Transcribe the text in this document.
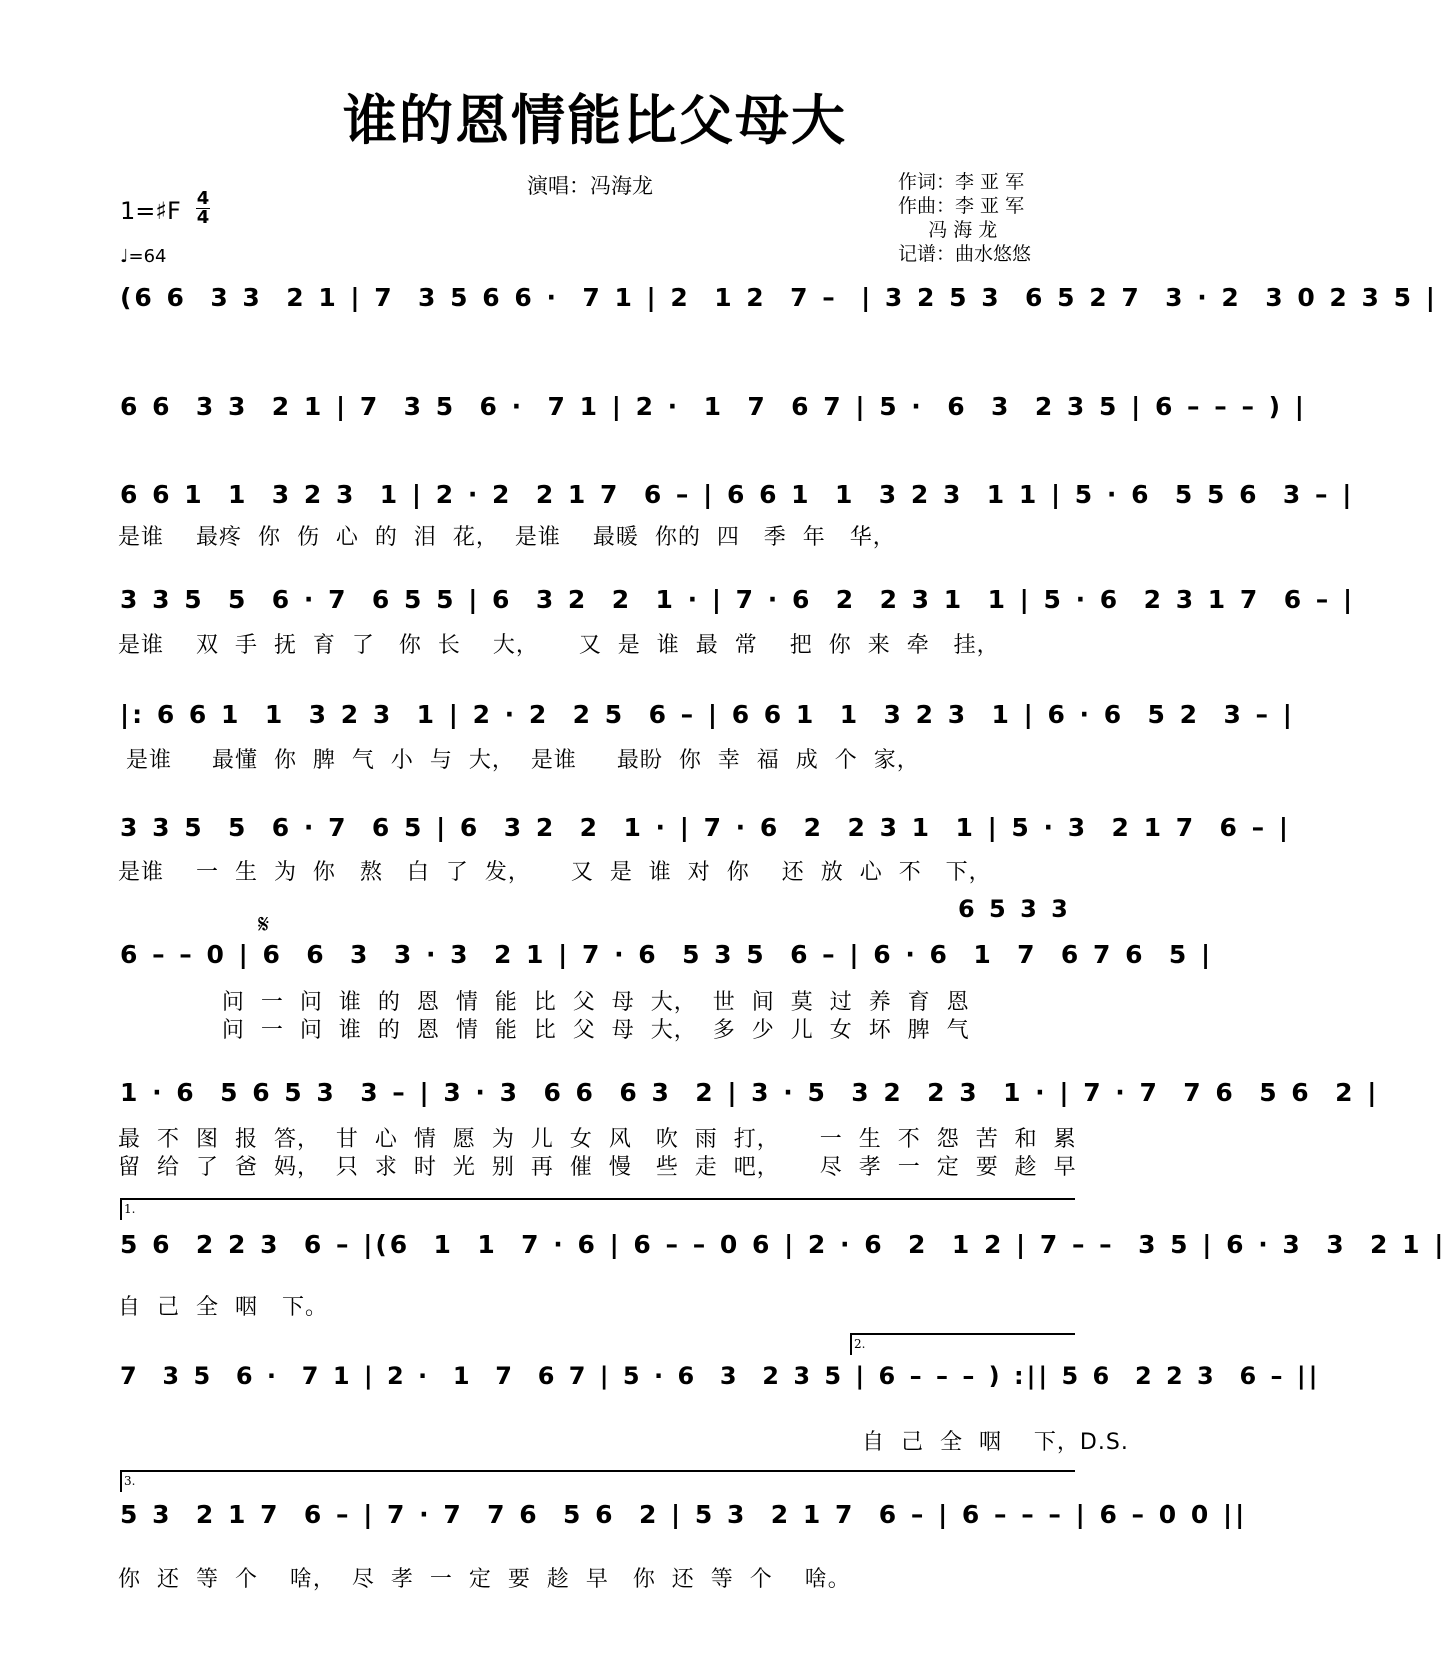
谁的恩情能比父母大
演唱：冯海龙	作词：李 亚 军
作曲：李 亚 军
冯 海 龙
记谱：曲水悠悠
1=♯F 4
4
♩=64
(6 6  3 3  2 1 | 7  3 5 6 6 ·  7 1 | 2  1 2  7 –  | 3 2 5 3  6 5 2 7  3 · 2  3 0 2 3 5 |
6 6  3 3  2 1 | 7  3 5  6 ·  7 1 | 2 ·  1  7  6 7 | 5 ·  6  3  2 3 5 | 6 – – – ) |
6 6 1  1  3 2 3  1 | 2 · 2  2 1 7  6 – | 6 6 1  1  3 2 3  1 1 | 5 · 6  5 5 6  3 – |
是谁    最疼  你  伤  心  的  泪  花，  是谁    最暖  你的  四   季  年   华，
3 3 5  5  6 · 7  6 5 5 | 6  3 2  2  1 · | 7 · 6  2  2 3 1  1 | 5 · 6  2 3 1 7  6 – |
是谁    双  手  抚  育  了   你  长    大，     又  是  谁  最  常    把  你  来  牵   挂，
|: 6 6 1  1  3 2 3  1 | 2 · 2  2 5  6 – | 6 6 1  1  3 2 3  1 | 6 · 6  5 2  3 – |
是谁     最懂  你  脾  气  小  与  大，  是谁     最盼  你  幸  福  成  个  家，
3 3 5  5  6 · 7  6 5 | 6  3 2  2  1 · | 7 · 6  2  2 3 1  1 | 5 · 3  2 1 7  6 – |
是谁    一  生  为  你   熬   白  了  发，     又  是  谁  对  你    还  放  心  不   下，
𝄋
6 5 3 3
6 – – 0 | 6  6  3  3 · 3  2 1 | 7 · 6  5 3 5  6 – | 6 · 6  1  7  6 7 6  5 |
问  一  问  谁  的  恩  情  能  比  父  母  大，  世  间  莫  过  养  育  恩
问  一  问  谁  的  恩  情  能  比  父  母  大，  多  少  儿  女  坏  脾  气
1 · 6  5 6 5 3  3 – | 3 · 3  6 6  6 3  2 | 3 · 5  3 2  2 3  1 · | 7 · 7  7 6  5 6  2 |
最  不  图  报  答，  甘  心  情  愿  为  儿  女  风   吹  雨  打，     一  生  不  怨  苦  和  累
留  给  了  爸  妈，  只  求  时  光  别  再  催  慢   些  走  吧，     尽  孝  一  定  要  趁  早
1.
5 6  2 2 3  6 – |(6  1  1  7 · 6 | 6 – – 0 6 | 2 · 6  2  1 2 | 7 – –  3 5 | 6 · 3  3  2 1 |
自  己  全  咽   下。
2.
7  3 5  6 ·  7 1 | 2 ·  1  7  6 7 | 5 · 6  3  2 3 5 | 6 – – – ) :|| 5 6  2 2 3  6 – ||
自  己  全  咽    下，D.S.
3.
5 3  2 1 7  6 – | 7 · 7  7 6  5 6  2 | 5 3  2 1 7  6 – | 6 – – – | 6 – 0 0 ||
你  还  等  个    啥，  尽  孝  一  定  要  趁  早   你  还  等  个    啥。
